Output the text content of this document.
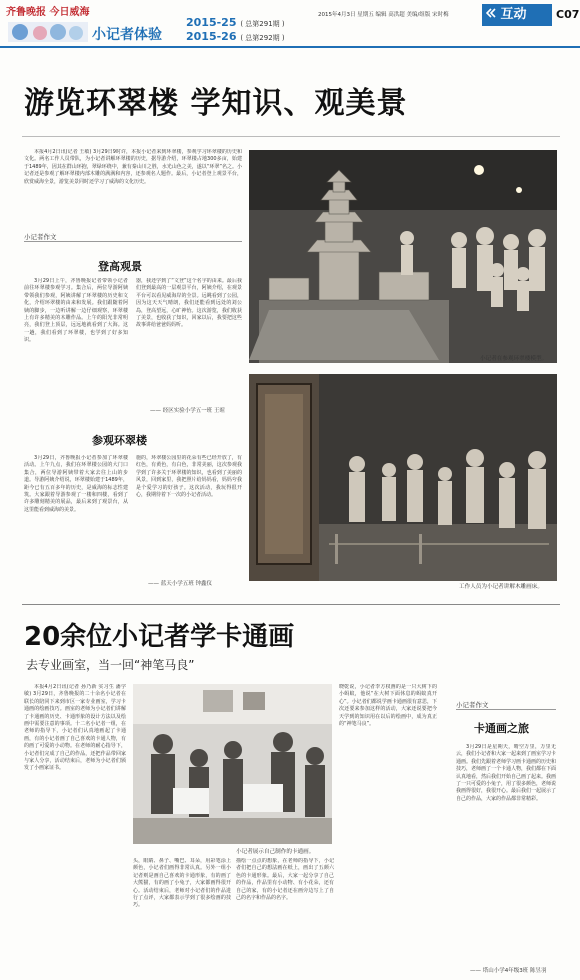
齐鲁晚报 今日威海
小记者体验
2015-25 ( 总第291期 )
2015-26 ( 总第292期 )
2015年4月3日 星期五 编辑 高洪超 美编/组版 宋时梅	互动	C07
游览环翠楼 学知识、观美景
本报4月2日讯(记者 王敏) 3月29日9时许，本报小记者来到环翠楼，参观学习环翠楼的历史和文化。两名工作人员带队，为小记者讲解环翠楼的历史，据导游介绍，环翠楼占地300多亩，始建于1489年，因其在群山环抱，翠绿环绕中，兼有秦山川之胜，水光山色之美，遂以“环翠”名之。小记者还是参观了解环翠楼内部木雕的满满和内容，还参观名人题作。最后，小记者登上观景平台，欣赏威海全景，游览美景同时还学习了威海的文化历史。
小记者作文
登高观景
3月29日上午，齐鲁晚报记者带领小记者前往环翠楼参观学习。集合后，两位导游阿姨带领我们参观，阿姨讲解了环翠楼的历史和文化，介绍环翠楼的由来和发展。我们跟随着阿姨的脚步，一边听讲解一边仔细观察，环翠楼上有许多精美的木雕作品。上午的阳光非常明亮，我们登上顶层，远远地就看到了大海。这一趟，我们看到了环翠楼，也学到了好多知识。
器，我还学到了“文登”这个名字的由来。最后我们登到最高的一层观景平台，阿姨介绍，在观景平台可以看见威海岸的全景。远眺看到了公园，因为这天天气晴朗，我们还能看到远处的刘公岛，登高望远，心旷神怡。这次游览，我们收获了美景，也收获了知识，回家以后，我要把这些故事讲给爸爸妈妈听。
—— 经区实验小学五一班 王暄
参观环翠楼
3月29日，齐鲁晚报小记者参加了环翠楼活动。上午九点，我们在环翠楼公园的大门口集合，两位导游阿姨带着大家去往上山的步道。导游阿姨介绍说，环翠楼始建于1489年，距今已有五百多年的历史，是威海的标志性建筑。大家跟着导游参观了一楼和四楼，看到了许多雕刻精美的展品，最后来到了观景台，从这里能看到威海的美景。
施的，环翠楼公园里的花朵有些已经开放了，有红色，有黄色，有白色，非常美丽，这次参观我学到了许多关于环翠楼的知识，也看到了美丽的风景，回到家里，我把照片给妈妈看，妈妈夸我是个爱学习的好孩子。这次活动，我玩得很开心，我期待着下一次的小记者活动。
—— 蓝天小学五班 钟鑫仪
小记者在参观环翠楼模型。
工作人员为小记者讲解木雕画床。
20余位小记者学卡通画
去专业画室，当一回“神笔马良”
本报4月2日讯(记者 孙乃新 实习生 潘学敏) 3月29日，齐鲁晚报的二十余名小记者在联长的陪同下来到市区一家专业画室，学习卡通画的绘画技巧。画室的老师为小记者们讲解了卡通画的历史、卡通形象的设计方法以及绘画中需要注意的事项。十二名小记者一组，在老师的指导下，小记者们认真地画起了卡通画，有的小记者画了自己喜欢的卡通人物，有的画了可爱的小动物。在老师的耐心指导下，小记者们完成了自己的作品，还把作品带回家与家人分享，活动结束后，老师为小记者们颁发了小画家证书。
小记者展示自己制作的卡通画。
头，眼睛、鼻子、嘴巴、耳朵，用彩笔涂上颜色，小记者们画得非常认真。另外一组小记者则是画自己喜欢的卡通形象，有的画了大熊猫，有的画了小兔子，大家都画得很开心。活动结束后，老师对小记者们的作品进行了点评，大家都表示学到了很多绘画的技巧。
描绘一点点的想象，在老师的指导下，小记者们把自己的想法画在纸上，画出了五颜六色的卡通形象。最后，大家一起分享了自己的作品，作品里有小动物、有小花朵，还有自己的家，有的小记者还在画旁边写上了自己的名字和作品的名字。
晓乾说，小记者李方权画的是一只大树下的小蚂蚁，他说“在大树下面休息的蚂蚁真开心”。小记者们都说学画卡通画很有意思，下次还要来参加这样的活动，大家还说要把今天学到的知识用在以后的绘画中，成为真正的“神笔马良”。
小记者作文
卡通画之旅
3月29日是星期天，晴空万里，万里无云，我们小记者和大家一起来到了画室学习卡通画。我们先跟着老师学习画卡通画的历史和技巧，老师画了一个卡通人物，我们都在下面认真地看，然后我们开始自己画了起来。我画了一只可爱的小兔子，用了很多颜色，老师说我画得很好，我很开心。最后我们一起展示了自己的作品，大家的作品都非常精彩。
—— 塔山小学4年级3班 陈昱羽
